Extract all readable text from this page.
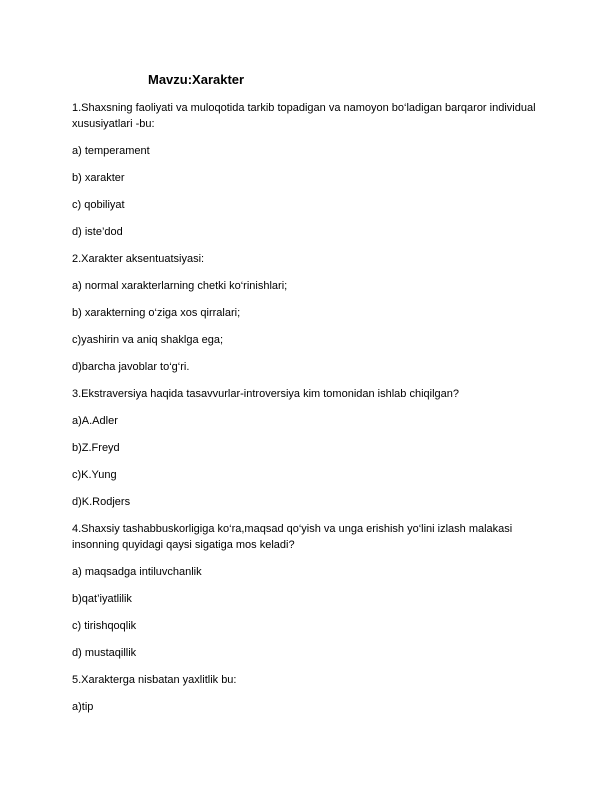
Mavzu:Xarakter
1.Shaxsning faoliyati va muloqotida tarkib topadigan va namoyon bo‘ladigan barqaror individual xususiyatlari -bu:
a) temperament
b) xarakter
c) qobiliyat
d) iste’dod
2.Xarakter aksentuatsiyasi:
a) normal xarakterlarning chetki ko‘rinishlari;
b) xarakterning o‘ziga xos qirralari;
c)yashirin va aniq shaklga ega;
d)barcha javoblar to‘g‘ri.
3.Ekstraversiya haqida tasavvurlar-introversiya kim tomonidan ishlab chiqilgan?
a)A.Adler
b)Z.Freyd
c)K.Yung
d)K.Rodjers
4.Shaxsiy tashabbuskorligiga ko‘ra,maqsad qo‘yish va unga erishish yo‘lini izlash malakasi insonning quyidagi qaysi sigatiga mos keladi?
a) maqsadga intiluvchanlik
b)qat’iyatlilik
c) tirishqoqlik
d) mustaqillik
5.Xarakterga nisbatan yaxlitlik bu:
a)tip
